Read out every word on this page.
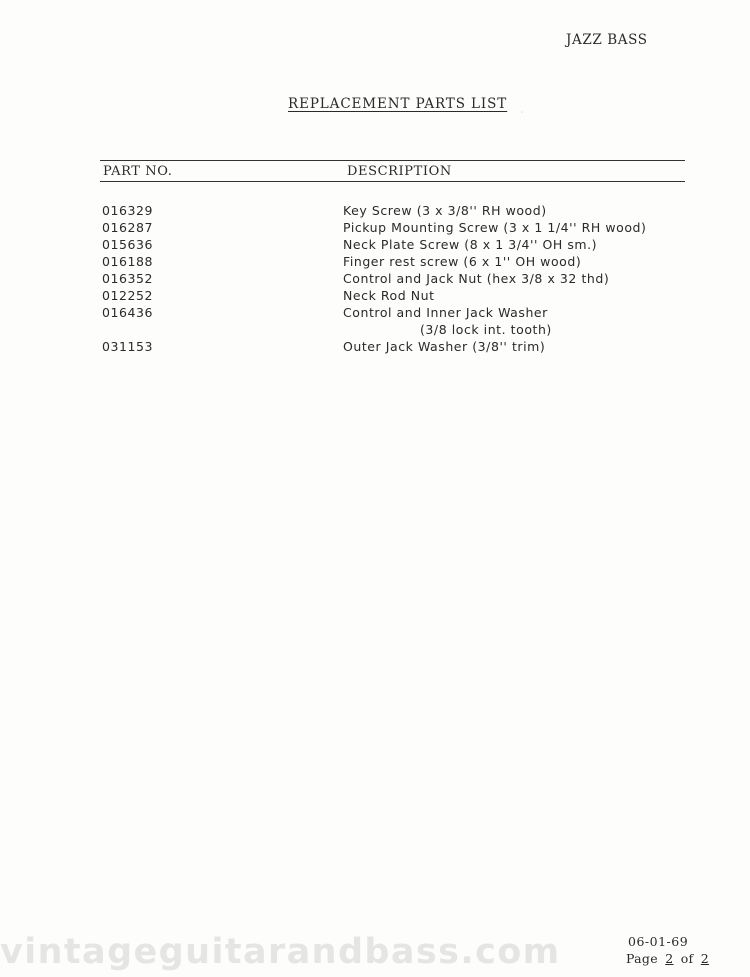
JAZZ BASS
REPLACEMENT PARTS LIST
˙
PART NO.	DESCRIPTION
016329	Key Screw (3 x 3/8'' RH wood)
016287	Pickup Mounting Screw (3 x 1 1/4'' RH wood)
015636	Neck Plate Screw (8 x 1 3/4'' OH sm.)
016188	Finger rest screw (6 x 1'' OH wood)
016352	Control and Jack Nut (hex 3/8 x 32 thd)
012252	Neck Rod Nut
016436	Control and Inner Jack Washer
(3/8 lock int. tooth)
031153	Outer Jack Washer (3/8'' trim)
vintageguitarandbass.com	06-01-69
Page 2 of 2
